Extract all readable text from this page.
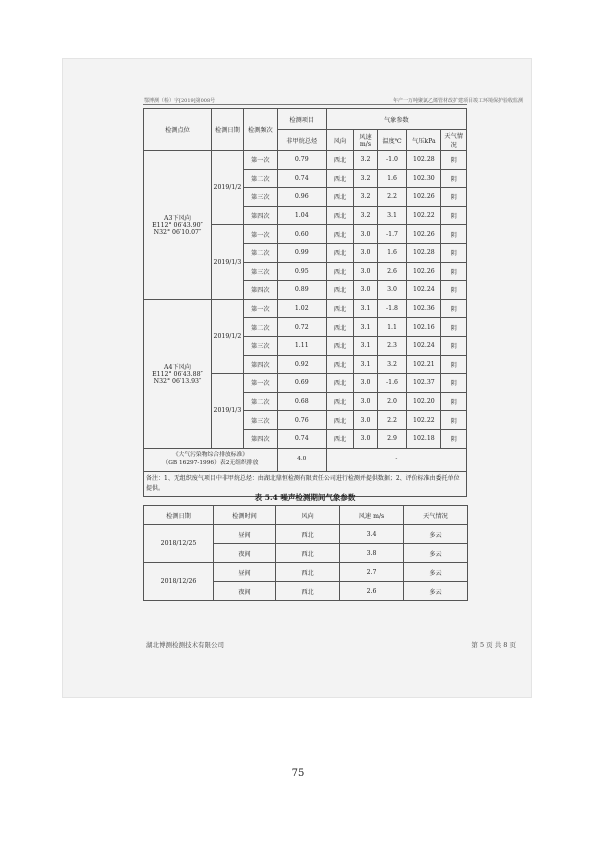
鄂博测（检）字[2019]第008号	年产一万吨聚氯乙烯管材改扩建项目竣工环境保护验收监测
检测点位	检测日期	检测频次	检测项目	气象参数				
			非甲烷总烃	风向	风速m/s	温度℃	气压kPa	天气情况

A3下风向
E112° 06′43.90″
N32° 06′10.07″	2019/1/2	第一次	0.79	西北	3.2	-1.0	102.28	阴
		第二次	0.74	西北	3.2	1.6	102.30	阴
		第三次	0.96	西北	3.2	2.2	102.26	阴
		第四次	1.04	西北	3.2	3.1	102.22	阴
	2019/1/3	第一次	0.60	西北	3.0	-1.7	102.26	阴
		第二次	0.99	西北	3.0	1.6	102.28	阴
		第三次	0.95	西北	3.0	2.6	102.26	阴
		第四次	0.89	西北	3.0	3.0	102.24	阴

A4下风向
E112° 06′43.88″
N32° 06′13.93″	2019/1/2	第一次	1.02	西北	3.1	-1.8	102.36	阴
		第二次	0.72	西北	3.1	1.1	102.16	阴
		第三次	1.11	西北	3.1	2.3	102.24	阴
		第四次	0.92	西北	3.1	3.2	102.21	阴
	2019/1/3	第一次	0.69	西北	3.0	-1.6	102.37	阴
		第二次	0.68	西北	3.0	2.0	102.20	阴
		第三次	0.76	西北	3.0	2.2	102.22	阴
		第四次	0.74	西北	3.0	2.9	102.18	阴

《大气污染物综合排放标准》
（GB 16297-1996）表2无组织排放			4.0	-				
备注：1、无组织废气项目中非甲烷总烃：由湖北鼎恒检测有限责任公司进行检测并提供数据；2、评价标准由委托单位提供。								
表 5.4 噪声检测期间气象参数
检测日期	检测时间	风向	风速 m/s	天气情况
2018/12/25	昼间	西北	3.4	多云
	夜间	西北	3.8	多云
2018/12/26	昼间	西北	2.7	多云
	夜间	西北	2.6	多云
湖北博测检测技术有限公司	第 5 页 共 8 页
75
